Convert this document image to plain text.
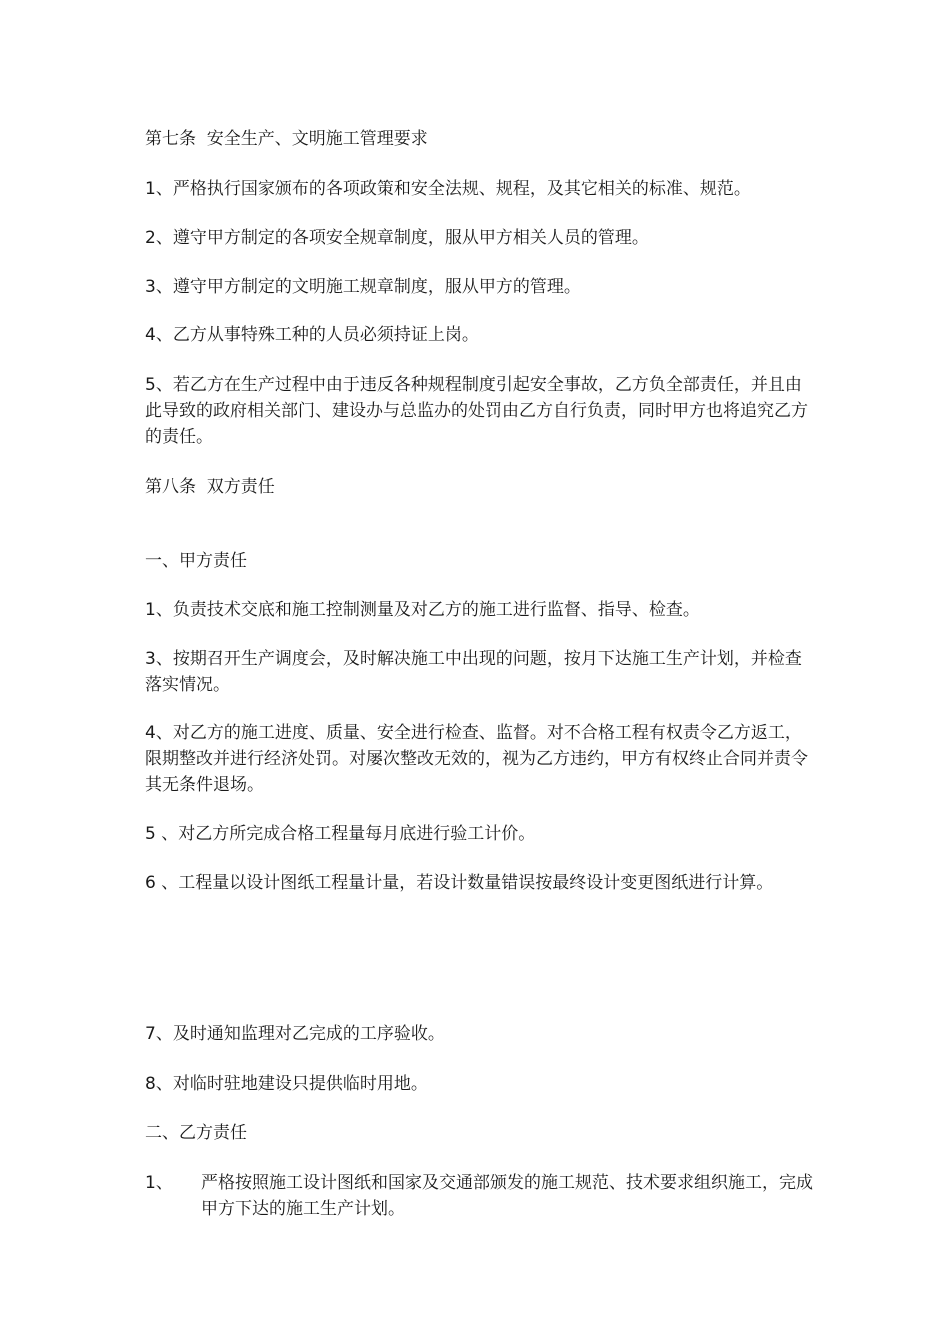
第七条  安全生产、文明施工管理要求

1、严格执行国家颁布的各项政策和安全法规、规程，及其它相关的标准、规范。

2、遵守甲方制定的各项安全规章制度，服从甲方相关人员的管理。

3、遵守甲方制定的文明施工规章制度，服从甲方的管理。

4、乙方从事特殊工种的人员必须持证上岗。

5、若乙方在生产过程中由于违反各种规程制度引起安全事故，乙方负全部责任，并且由此导致的政府相关部门、建设办与总监办的处罚由乙方自行负责，同时甲方也将追究乙方的责任。

第八条  双方责任

一、甲方责任

1、负责技术交底和施工控制测量及对乙方的施工进行监督、指导、检查。

3、按期召开生产调度会，及时解决施工中出现的问题，按月下达施工生产计划，并检查落实情况。

4、对乙方的施工进度、质量、安全进行检查、监督。对不合格工程有权责令乙方返工，限期整改并进行经济处罚。对屡次整改无效的，视为乙方违约，甲方有权终止合同并责令其无条件退场。

5 、对乙方所完成合格工程量每月底进行验工计价。

6 、工程量以设计图纸工程量计量，若设计数量错误按最终设计变更图纸进行计算。

7、及时通知监理对乙完成的工序验收。

8、对临时驻地建设只提供临时用地。

二、乙方责任

1、 严格按照施工设计图纸和国家及交通部颁发的施工规范、技术要求组织施工，完成甲方下达的施工生产计划。
